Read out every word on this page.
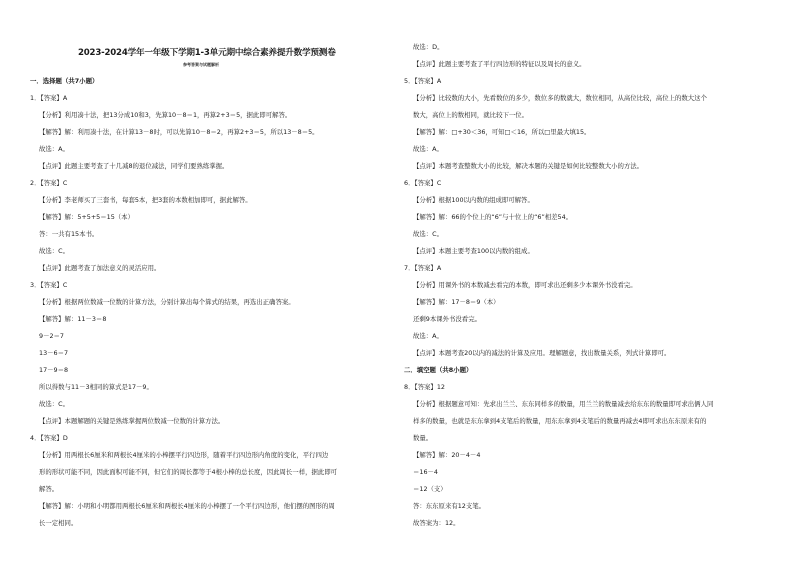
2023-2024学年一年级下学期1-3单元期中综合素养提升数学预测卷
参考答案与试题解析
一．选择题（共7小题）
1．【答案】A
【分析】利用凑十法，把13分成10和3，先算10－8＝1，再算2+3＝5，据此即可解答。
【解答】解：利用凑十法，在计算13－8时，可以先算10－8＝2，再算2+3＝5，所以13－8＝5。
故选：A。
【点评】此题主要考查了十几减8的退位减法，同学们要熟练掌握。
2．【答案】C
【分析】李老师买了三套书，每套5本，把3套的本数相加即可，据此解答。
【解答】解：5+5+5＝15（本）
答：一共有15本书。
故选：C。
【点评】此题考查了加法意义的灵活应用。
3．【答案】C
【分析】根据两位数减一位数的计算方法，分别计算出每个算式的结果，再选出正确答案。
【解答】解：11－3＝8
9－2＝7
13－6＝7
17－9＝8
所以得数与11－3相同的算式是17－9。
故选：C。
【点评】本题解题的关键是熟练掌握两位数减一位数的计算方法。
4．【答案】D
【分析】用两根长6厘米和两根长4厘米的小棒摆平行四边形，随着平行四边形内角度的变化，平行四边
形的形状可能不同，因此面积可能不同，但它们的周长都等于4根小棒的总长度，因此周长一样，据此即可
解答。
【解答】解：小明和小明都用两根长6厘米和两根长4厘米的小棒摆了一个平行四边形，他们摆的图形的周
长一定相同。
故选：D。
【点评】此题主要考查了平行四边形的特征以及周长的意义。
5．【答案】A
【分析】比较数的大小，先看数位的多少，数位多的数就大，数位相同，从高位比较，高位上的数大这个
数大，高位上的数相同，就比较下一位。
【解答】解：□+30＜36，可知□＜16，所以□里最大填15。
故选：A。
【点评】本题考查整数大小的比较，解决本题的关键是如何比较整数大小的方法。
6．【答案】C
【分析】根据100以内数的组成即可解答。
【解答】解：66的个位上的“6”与十位上的“6”相差54。
故选：C。
【点评】本题主要考查100以内数的组成。
7．【答案】A
【分析】用课外书的本数减去看完的本数，即可求出还剩多少本课外书没看完。
【解答】解：17－8＝9（本）
还剩9本课外书没看完。
故选：A。
【点评】本题考查20以内的减法的计算及应用。理解题意，找出数量关系，列式计算即可。
二．填空题（共8小题）
8．【答案】12
【分析】根据题意可知：先求出兰兰、东东同样多的数量，用兰兰的数量减去给东东的数量即可求出俩人同
样多的数量，也就是东东拿到4支笔后的数量，用东东拿到4支笔后的数量再减去4即可求出东东原来有的
数量。
【解答】解：20－4－4
＝16－4
＝12（支）
答：东东原来有12支笔。
故答案为：12。
